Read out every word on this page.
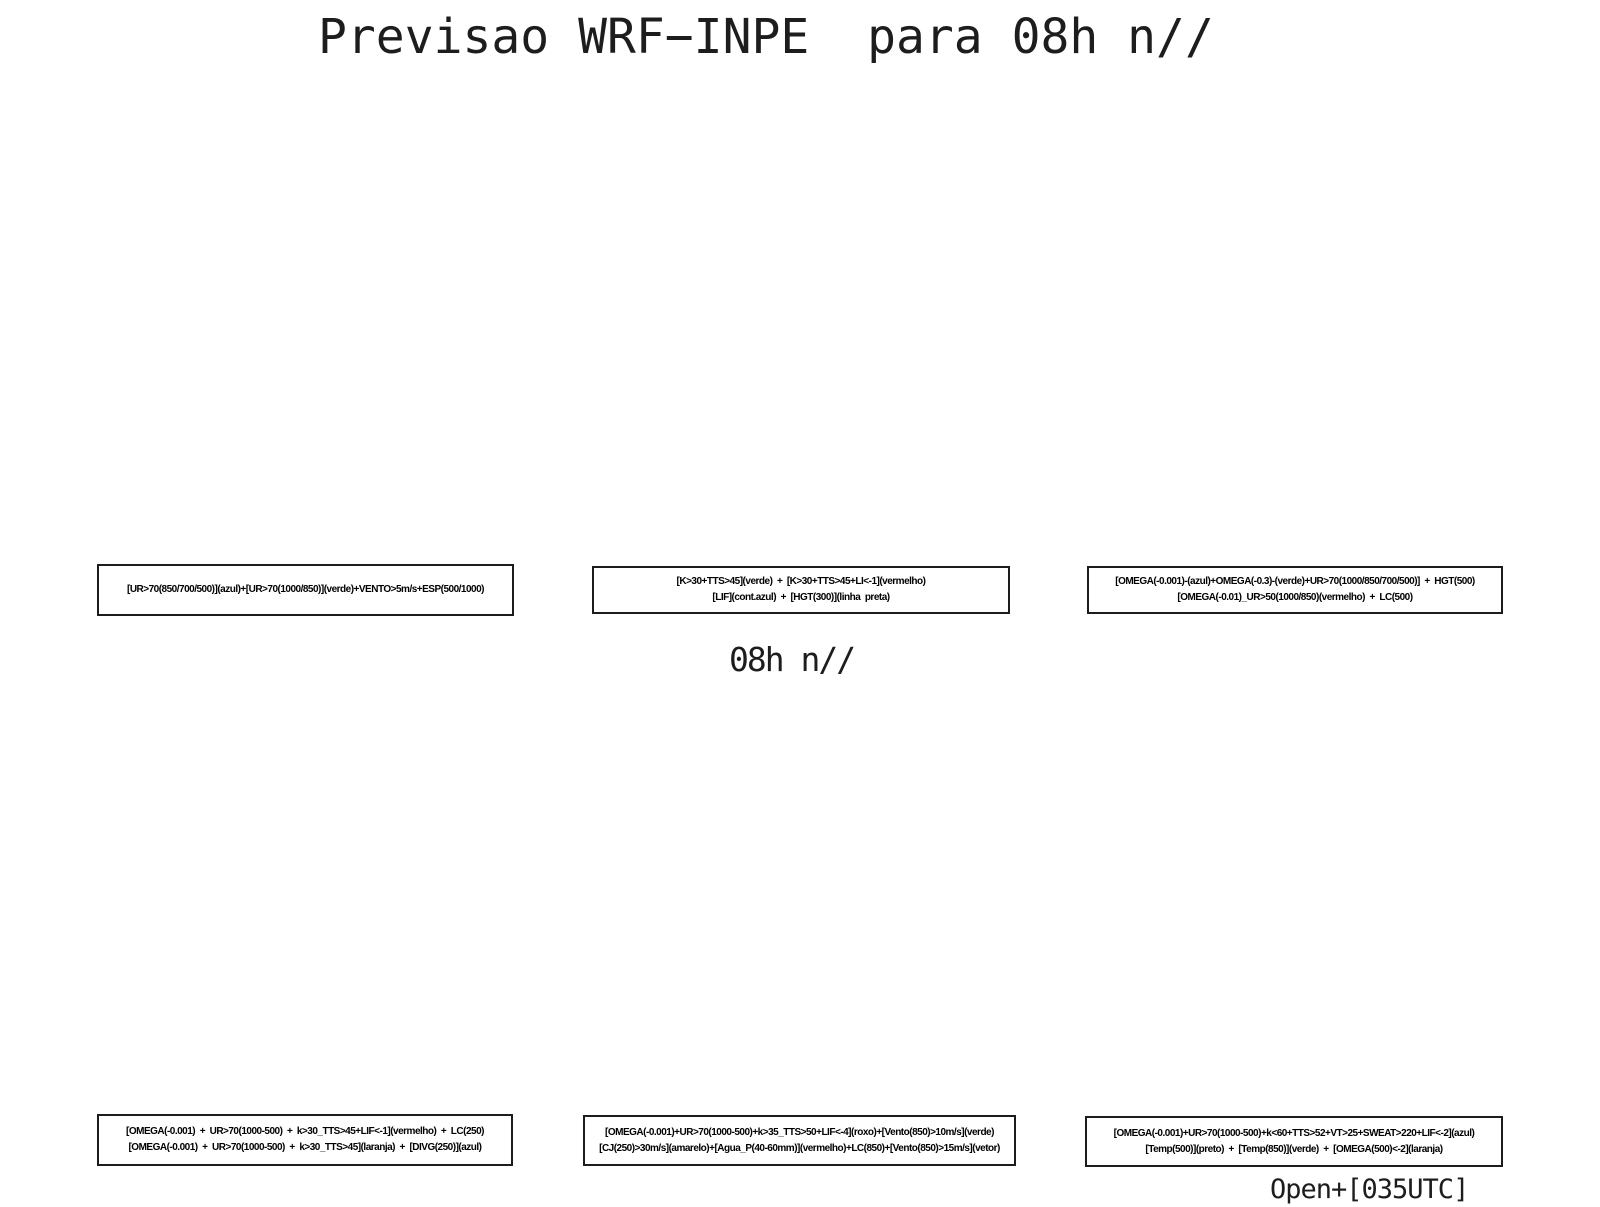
Previsao WRF−INPE  para 08h n//
[UR>70(850/700/500)](azul)+[UR>70(1000/850)](verde)+VENTO>5m/s+ESP(500/1000)
[K>30+TTS>45](verde)  +  [K>30+TTS>45+LI<-1](vermelho)
[LIF](cont.azul)  +  [HGT(300)](linha  preta)
[OMEGA(-0.001)-(azul)+OMEGA(-0.3)-(verde)+UR>70(1000/850/700/500)]  +  HGT(500)
[OMEGA(-0.01)_UR>50(1000/850)(vermelho)  +  LC(500)
08h n//
[OMEGA(-0.001)  +  UR>70(1000-500)  +  k>30_TTS>45+LIF<-1](vermelho)  +  LC(250)
[OMEGA(-0.001)  +  UR>70(1000-500)  +  k>30_TTS>45](laranja)  +  [DIVG(250)](azul)
[OMEGA(-0.001)+UR>70(1000-500)+k>35_TTS>50+LIF<-4](roxo)+[Vento(850)>10m/s](verde)
[CJ(250)>30m/s](amarelo)+[Agua_P(40-60mm)](vermelho)+LC(850)+[Vento(850)>15m/s](vetor)
[OMEGA(-0.001)+UR>70(1000-500)+k<60+TTS>52+VT>25+SWEAT>220+LIF<-2](azul)
[Temp(500)](preto)  +  [Temp(850)](verde)  +  [OMEGA(500)<-2](laranja)
Open+[035UTC]
